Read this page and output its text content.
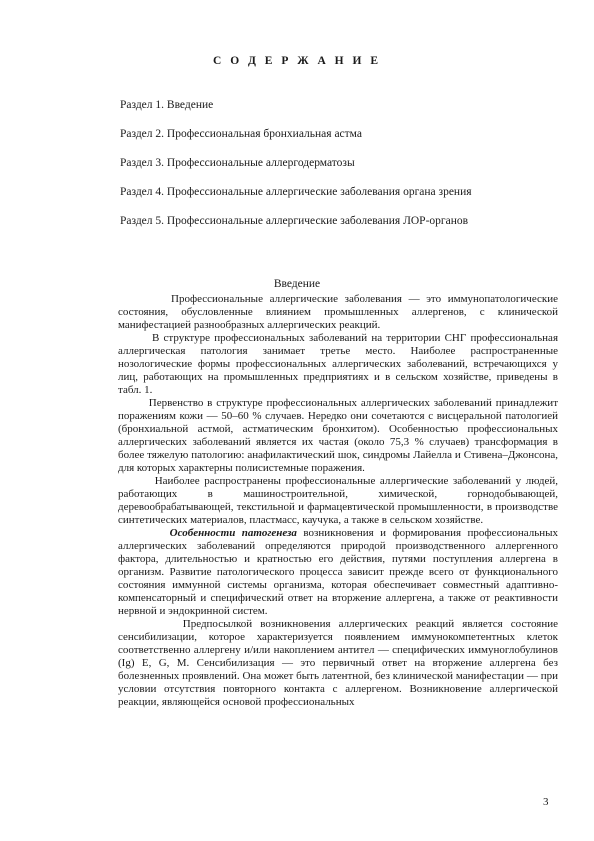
С О Д Е Р Ж А Н И Е
Раздел 1. Введение
Раздел 2. Профессиональная бронхиальная астма
Раздел 3. Профессиональные аллергодерматозы
Раздел 4. Профессиональные аллергические заболевания органа зрения
Раздел 5. Профессиональные аллергические заболевания ЛОР-органов
Введение

Профессиональные аллергические заболевания — это иммунопатологические состояния, обусловленные влиянием промышленных аллергенов, с клинической манифестацией разнообразных аллергических реакций.

В структуре профессиональных заболеваний на территории СНГ профессиональная аллергическая патология занимает третье место. Наиболее распространенные нозологические формы профессиональных аллергических заболеваний, встречающихся у лиц, работающих на промышленных предприятиях и в сельском хозяйстве, приведены в табл. 1.

Первенство в структуре профессиональных аллергических заболеваний принадлежит поражениям кожи — 50–60 % случаев. Нередко они сочетаются с висцеральной патологией (бронхиальной астмой, астматическим бронхитом). Особенностью профессиональных аллергических заболеваний является их частая (около 75,3 % случаев) трансформация в более тяжелую патологию: анафилактический шок, синдромы Лайелла и Стивена–Джонсона, для которых характерны полисистемные поражения.

Наиболее распространены профессиональные аллергические заболеваний у людей, работающих в машиностроительной, химической, горнодобывающей, деревообрабатывающей, текстильной и фармацевтической промышленности, в производстве синтетических материалов, пластмасс, каучука, а также в сельском хозяйстве.

Особенности патогенеза возникновения и формирования профессиональных аллергических заболеваний определяются природой производственного аллергенного фактора, длительностью и кратностью его действия, путями поступления аллергена в организм. Развитие патологического процесса зависит прежде всего от функционального состояния иммунной системы организма, которая обеспечивает совместный адаптивно-компенсаторный и специфический ответ на вторжение аллергена, а также от реактивности нервной и эндокринной систем.

Предпосылкой возникновения аллергических реакций является состояние сенсибилизации, которое характеризуется появлением иммунокомпетентных клеток соответственно аллергену и/или накоплением антител — специфических иммуноглобулинов (Ig) E, G, M. Сенсибилизация — это первичный ответ на вторжение аллергена без болезненных проявлений. Она может быть латентной, без клинической манифестации — при условии отсутствия повторного контакта с аллергеном. Возникновение аллергической реакции, являющейся основой профессиональных

3
